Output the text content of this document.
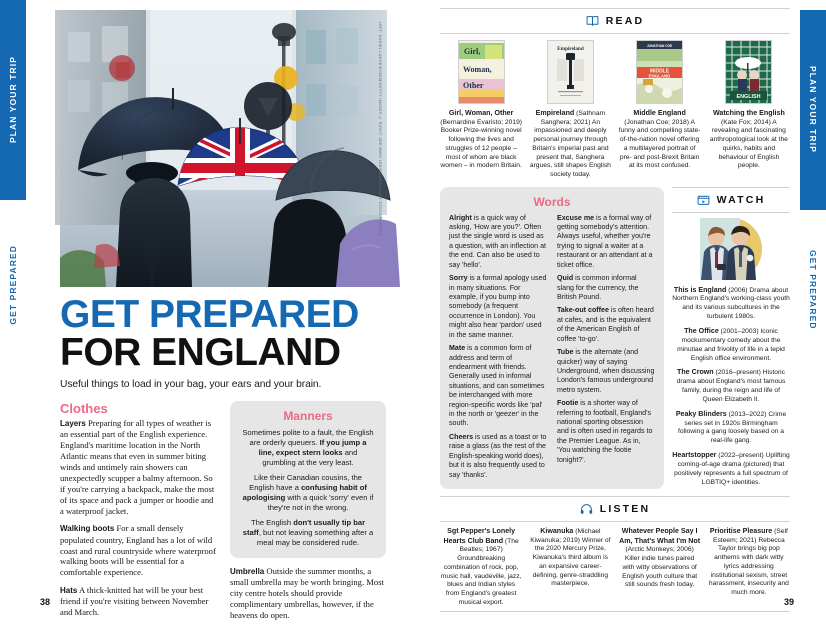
PLAN YOUR TRIP
GET PREPARED
LEFT: DANIEL LANGE/EYEEM/GETTY IMAGES © RIGHT: SEE-MING LEE/FLICKR/ALAMY STOCK PHOTO ©
GET PREPARED
FOR ENGLAND
Useful things to load in your bag, your ears and your brain.
Clothes

Layers Preparing for all types of weather is an essential part of the English experience. England's maritime location in the North Atlantic means that even in summer biting winds and untimely rain showers can unexpectedly scupper a balmy afternoon. So if you're carrying a backpack, make the most of its space and pack a jumper or hoodie and a waterproof jacket.

Walking boots For a small densely populated country, England has a lot of wild coast and rural countryside where waterproof walking boots will be essential for a comfortable experience.

Hats A thick-knitted hat will be your best friend if you're visiting between November and March.

Manners

Sometimes polite to a fault, the English are orderly queuers. If you jump a line, expect stern looks and grumbling at the very least.

Like their Canadian cousins, the English have a confusing habit of apologising with a quick 'sorry' even if they're not in the wrong.

The English don't usually tip bar staff, but not leaving something after a meal may be considered rude.

Umbrella Outside the summer months, a small umbrella may be worth bringing. Most city centre hotels should provide complimentary umbrellas, however, if the heavens do open.

38
READ
Girl,
Woman,
Other
Girl, Woman, Other (Bernardine Evaristo; 2019) Booker Prize-winning novel following the lives and struggles of 12 people – most of whom are black women – in modern Britain.
Empireland
Empireland (Sathnam Sanghera; 2021) An impassioned and deeply personal journey through Britain's imperial past and present that, Sanghera argues, still shapes English society today.
JONATHAN COE
MIDDLE
ENGLAND
Middle England (Jonathan Coe; 2018) A funny and compelling state-of-the-nation novel offering a multilayered portrait of pre- and post-Brexit Britain at its most confused.
ENGLISH
Watching the English (Kate Fox; 2014) A revealing and fascinating anthropological look at the quirks, habits and behaviour of English people.
Words

Alright is a quick way of asking, 'How are you?'. Often just the single word is used as a question, with an inflection at the end. Can also be used to say 'hello'.

Sorry is a formal apology used in many situations. For example, if you bump into somebody (a frequent occurrence in London). You might also hear 'pardon' used in the same manner.

Mate is a common form of address and term of endearment with friends. Generally used in informal situations, and can sometimes be interchanged with more region-specific words like 'pal' in the north or 'geezer' in the south.

Cheers is used as a toast or to raise a glass (as the rest of the English-speaking world does), but it is also frequently used to say 'thanks'.

Excuse me is a formal way of getting somebody's attention. Always useful, whether you're trying to signal a waiter at a restaurant or an attendant at a ticket office.

Quid is common informal slang for the currency, the British Pound.

Take-out coffee is often heard at cafes, and is the equivalent of the American English of coffee 'to-go'.

Tube is the alternate (and quicker) way of saying Underground, when discussing London's famous underground metro system.

Footie is a shorter way of referring to football, England's national sporting obsession and is often used in regards to the Premier League. As in, 'You watching the footie tonight?'.

WATCH
This is England (2006) Drama about Northern England's working-class youth and its various subcultures in the turbulent 1980s.
The Office (2001–2003) Iconic mockumentary comedy about the minutiae and frivolity of life in a tepid English office environment.
The Crown (2016–present) Historic drama about England's most famous family, during the reign and life of Queen Elizabeth II.
Peaky Blinders (2013–2022) Crime series set in 1920s Birmingham following a gang loosely based on a real-life gang.
Heartstopper (2022–present) Uplifting coming-of-age drama (pictured) that positively represents a full spectrum of LGBTIQ+ identities.
LISTEN
Sgt Pepper's Lonely Hearts Club Band (The Beatles; 1967) Groundbreaking combination of rock, pop, music hall, vaudeville, jazz, blues and Indian styles from England's greatest musical export.
Kiwanuka (Michael Kiwanuka; 2019) Winner of the 2020 Mercury Prize, Kiwanuka's third album is an expansive career-defining, genre-straddling masterpiece.
Whatever People Say I Am, That's What I'm Not (Arctic Monkeys; 2006) Killer indie tunes paired with witty observations of English youth culture that still sounds fresh today.
Prioritise Pleasure (Self Esteem; 2021) Rebecca Taylor brings big pop anthems with dark witty lyrics addressing institutional sexism, street harassment, insecurity and much more.
39
PLAN YOUR TRIP
GET PREPARED
